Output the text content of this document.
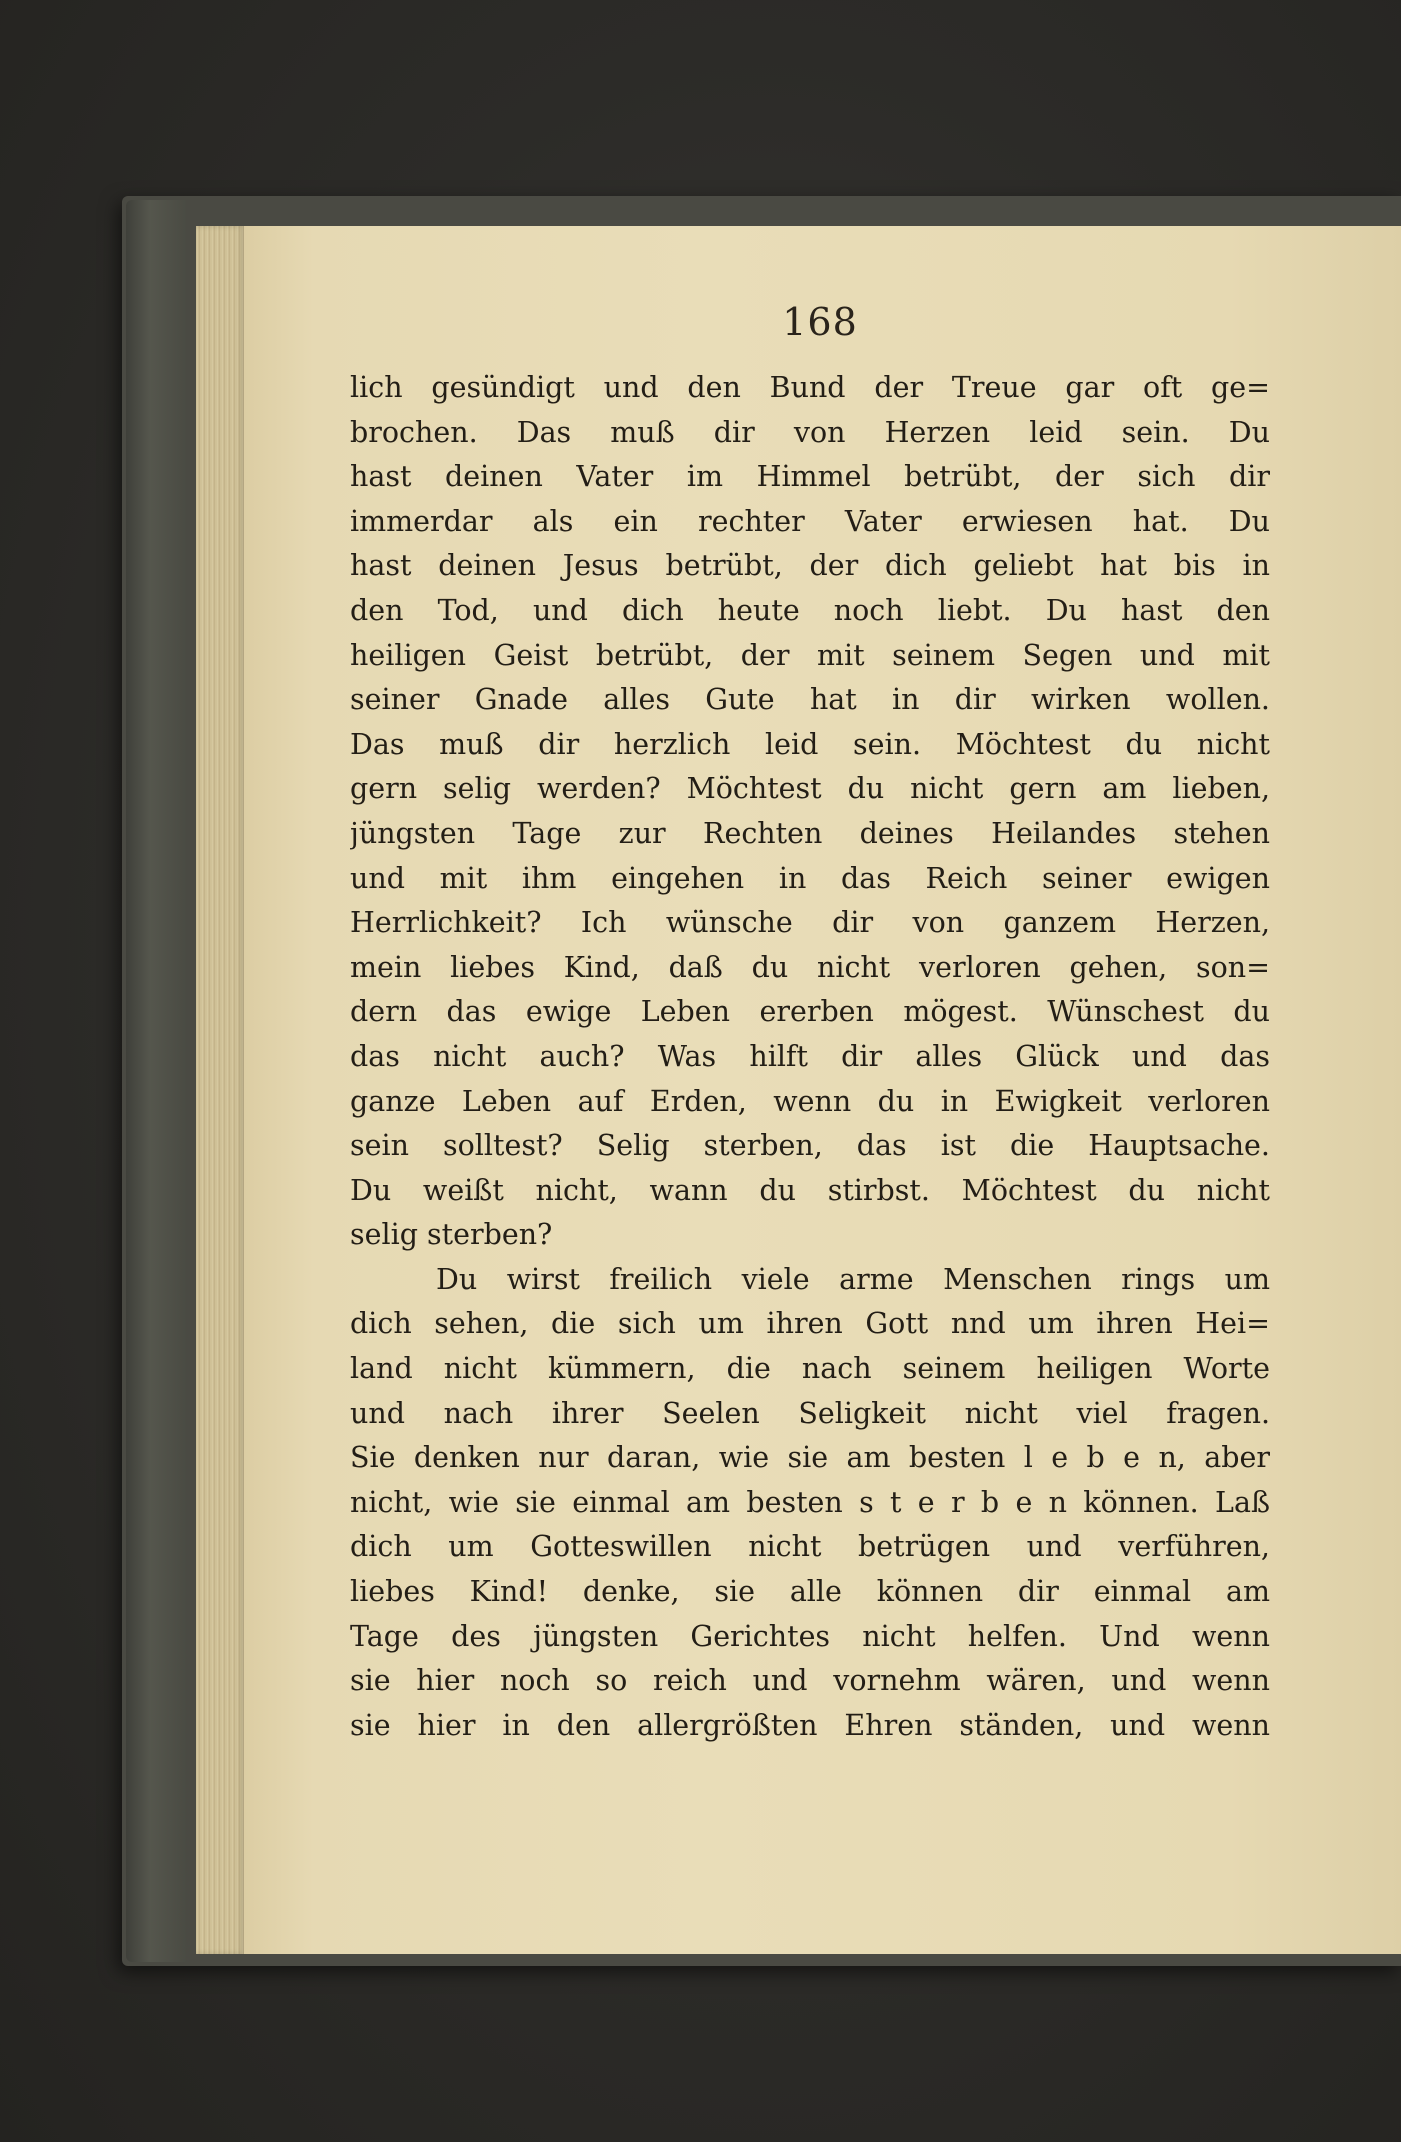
168
lich gesündigt und den Bund der Treue gar oft ge=
brochen. Das muß dir von Herzen leid sein. Du
hast deinen Vater im Himmel betrübt, der sich dir
immerdar als ein rechter Vater erwiesen hat. Du
hast deinen Jesus betrübt, der dich geliebt hat bis in
den Tod, und dich heute noch liebt. Du hast den
heiligen Geist betrübt, der mit seinem Segen und mit
seiner Gnade alles Gute hat in dir wirken wollen.
Das muß dir herzlich leid sein. Möchtest du nicht
gern selig werden? Möchtest du nicht gern am lieben,
jüngsten Tage zur Rechten deines Heilandes stehen
und mit ihm eingehen in das Reich seiner ewigen
Herrlichkeit? Ich wünsche dir von ganzem Herzen,
mein liebes Kind, daß du nicht verloren gehen, son=
dern das ewige Leben ererben mögest. Wünschest du
das nicht auch? Was hilft dir alles Glück und das
ganze Leben auf Erden, wenn du in Ewigkeit verloren
sein solltest? Selig sterben, das ist die Hauptsache.
Du weißt nicht, wann du stirbst. Möchtest du nicht
selig sterben?
Du wirst freilich viele arme Menschen rings um
dich sehen, die sich um ihren Gott nnd um ihren Hei=
land nicht kümmern, die nach seinem heiligen Worte
und nach ihrer Seelen Seligkeit nicht viel fragen.
Sie denken nur daran, wie sie am besten l e b e n, aber
nicht, wie sie einmal am besten s t e r b e n können. Laß
dich um Gotteswillen nicht betrügen und verführen,
liebes Kind! denke, sie alle können dir einmal am
Tage des jüngsten Gerichtes nicht helfen. Und wenn
sie hier noch so reich und vornehm wären, und wenn
sie hier in den allergrößten Ehren ständen, und wenn
